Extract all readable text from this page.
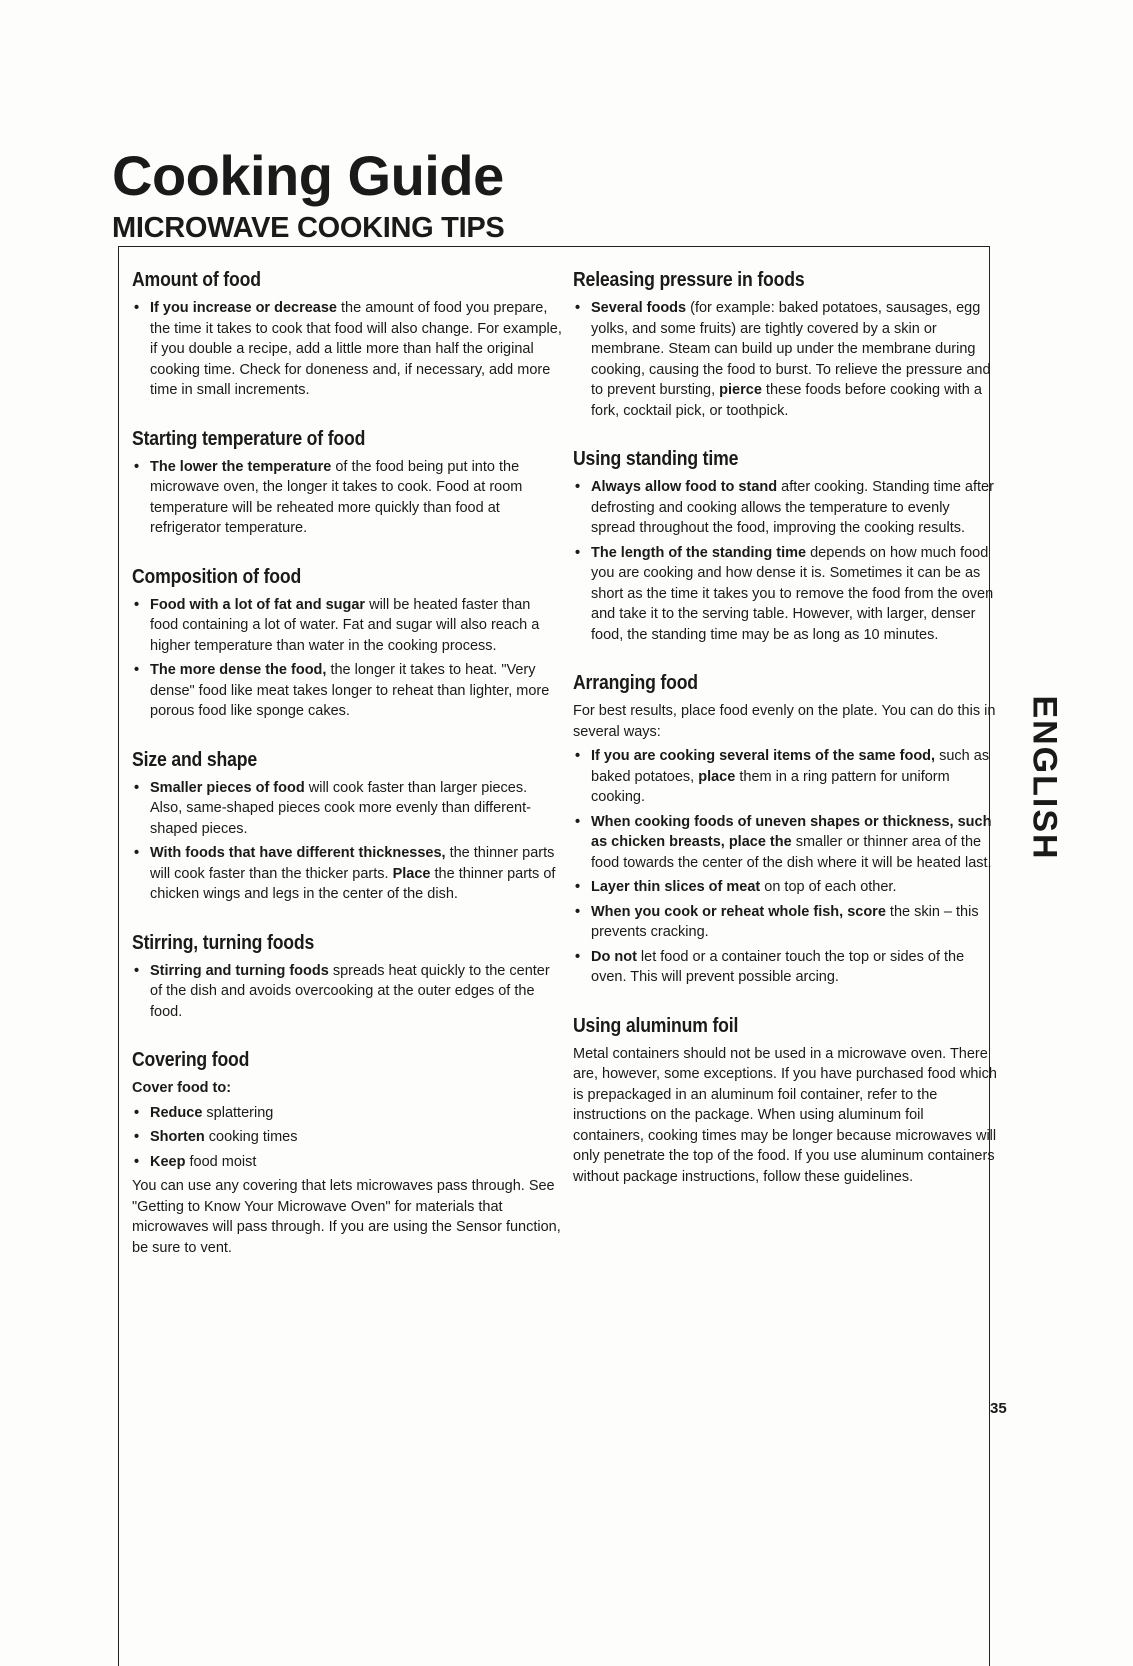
Cooking Guide
MICROWAVE COOKING TIPS
Amount of food
• If you increase or decrease the amount of food you prepare, the time it takes to cook that food will also change. For example, if you double a recipe, add a little more than half the original cooking time. Check for doneness and, if necessary, add more time in small increments.
Starting temperature of food
• The lower the temperature of the food being put into the microwave oven, the longer it takes to cook. Food at room temperature will be reheated more quickly than food at refrigerator temperature.
Composition of food
• Food with a lot of fat and sugar will be heated faster than food containing a lot of water. Fat and sugar will also reach a higher temperature than water in the cooking process.
• The more dense the food, the longer it takes to heat. "Very dense" food like meat takes longer to reheat than lighter, more porous food like sponge cakes.
Size and shape
• Smaller pieces of food will cook faster than larger pieces. Also, same-shaped pieces cook more evenly than different-shaped pieces.
• With foods that have different thicknesses, the thinner parts will cook faster than the thicker parts. Place the thinner parts of chicken wings and legs in the center of the dish.
Stirring, turning foods
• Stirring and turning foods spreads heat quickly to the center of the dish and avoids overcooking at the outer edges of the food.
Covering food
Cover food to:
• Reduce splattering
• Shorten cooking times
• Keep food moist

You can use any covering that lets microwaves pass through. See "Getting to Know Your Microwave Oven" for materials that microwaves will pass through. If you are using the Sensor function, be sure to vent.

Releasing pressure in foods
• Several foods (for example: baked potatoes, sausages, egg yolks, and some fruits) are tightly covered by a skin or membrane. Steam can build up under the membrane during cooking, causing the food to burst. To relieve the pressure and to prevent bursting, pierce these foods before cooking with a fork, cocktail pick, or toothpick.
Using standing time
• Always allow food to stand after cooking. Standing time after defrosting and cooking allows the temperature to evenly spread throughout the food, improving the cooking results.
• The length of the standing time depends on how much food you are cooking and how dense it is. Sometimes it can be as short as the time it takes you to remove the food from the oven and take it to the serving table. However, with larger, denser food, the standing time may be as long as 10 minutes.
Arranging food

For best results, place food evenly on the plate. You can do this in several ways:

• If you are cooking several items of the same food, such as baked potatoes, place them in a ring pattern for uniform cooking.
• When cooking foods of uneven shapes or thickness, such as chicken breasts, place the smaller or thinner area of the food towards the center of the dish where it will be heated last.
• Layer thin slices of meat on top of each other.
• When you cook or reheat whole fish, score the skin – this prevents cracking.
• Do not let food or a container touch the top or sides of the oven. This will prevent possible arcing.
Using aluminum foil

Metal containers should not be used in a microwave oven. There are, however, some exceptions. If you have purchased food which is prepackaged in an aluminum foil container, refer to the instructions on the package. When using aluminum foil containers, cooking times may be longer because microwaves will only penetrate the top of the food. If you use aluminum containers without package instructions, follow these guidelines.

ENGLISH
35
